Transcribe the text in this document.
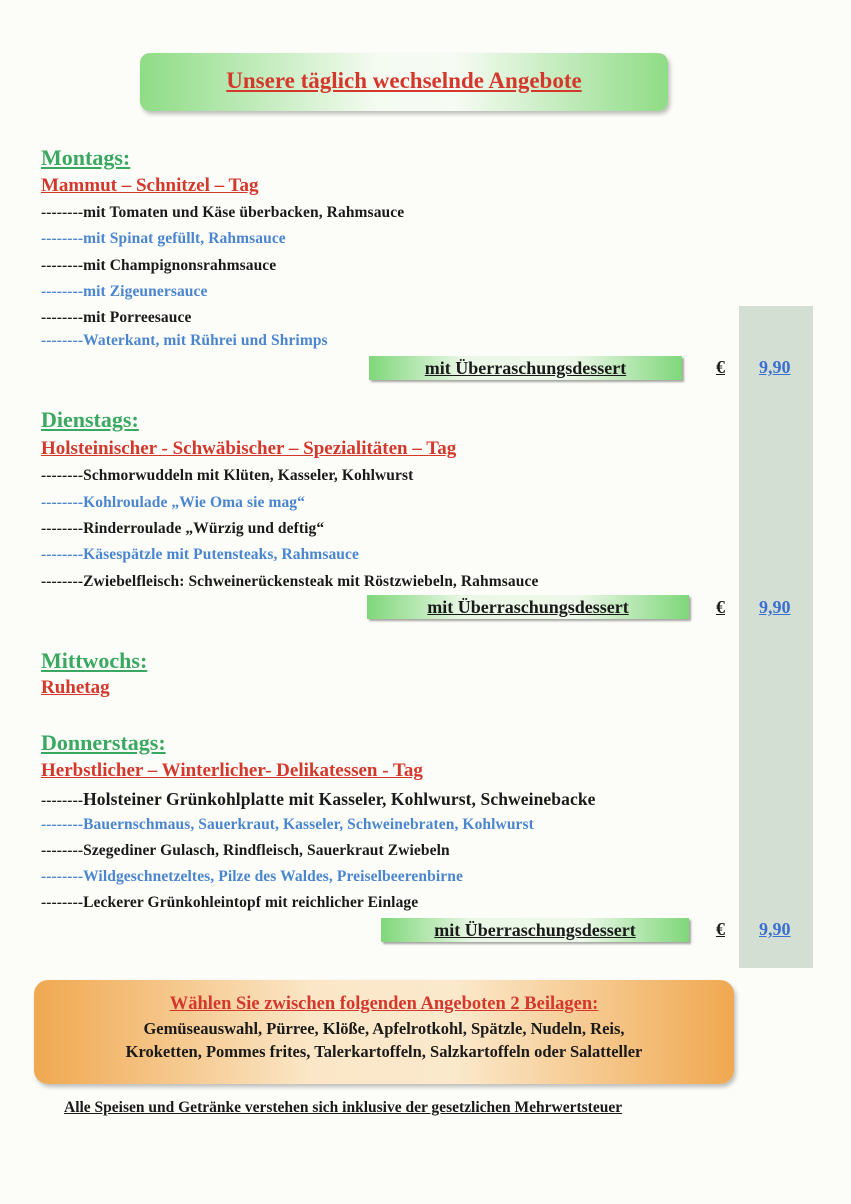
Unsere täglich wechselnde Angebote
Montags:
Mammut – Schnitzel – Tag
--------mit Tomaten und Käse überbacken, Rahmsauce
--------mit Spinat gefüllt, Rahmsauce
--------mit Champignonsrahmsauce
--------mit Zigeunersauce
--------mit Porreesauce
--------Waterkant, mit Rührei und Shrimps
mit Überraschungsdessert	€ 9,90
Dienstags:
Holsteinischer - Schwäbischer – Spezialitäten – Tag
--------Schmorwuddeln mit Klüten, Kasseler, Kohlwurst
--------Kohlroulade „Wie Oma sie mag“
--------Rinderroulade „Würzig und deftig“
--------Käsespätzle mit Putensteaks, Rahmsauce
--------Zwiebelfleisch: Schweinerückensteak mit Röstzwiebeln, Rahmsauce
mit Überraschungsdessert	€ 9,90
Mittwochs:
Ruhetag
Donnerstags:
Herbstlicher – Winterlicher- Delikatessen - Tag
--------Holsteiner Grünkohlplatte mit Kasseler, Kohlwurst, Schweinebacke
--------Bauernschmaus, Sauerkraut, Kasseler, Schweinebraten, Kohlwurst
--------Szegediner Gulasch, Rindfleisch, Sauerkraut Zwiebeln
--------Wildgeschnetzeltes, Pilze des Waldes, Preiselbeerenbirne
--------Leckerer Grünkohleintopf mit reichlicher Einlage
mit Überraschungsdessert	€ 9,90
Wählen Sie zwischen folgenden Angeboten 2 Beilagen:
Gemüseauswahl, Pürree, Klöße, Apfelrotkohl, Spätzle, Nudeln, Reis,
Kroketten, Pommes frites, Talerkartoffeln, Salzkartoffeln oder Salatteller
Alle Speisen und Getränke verstehen sich inklusive der gesetzlichen Mehrwertsteuer
